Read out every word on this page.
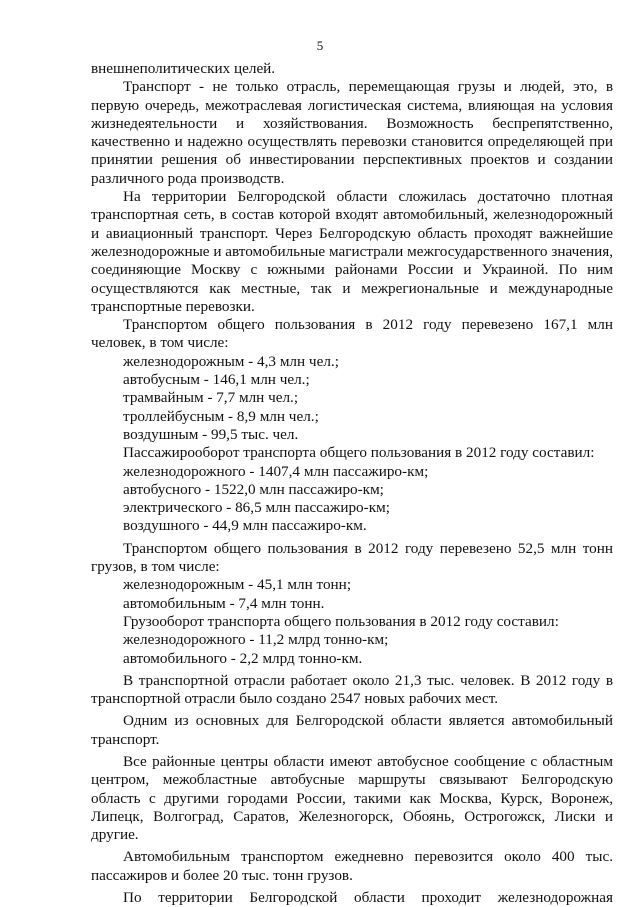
5

внешнеполитических целей.

Транспорт - не только отрасль, перемещающая грузы и людей, это, в первую очередь, межотраслевая логистическая система, влияющая на условия жизнедеятельности и хозяйствования. Возможность беспрепятственно, качественно и надежно осуществлять перевозки становится определяющей при принятии решения об инвестировании перспективных проектов и создании различного рода производств.

На территории Белгородской области сложилась достаточно плотная транспортная сеть, в состав которой входят автомобильный, железнодорожный и авиационный транспорт. Через Белгородскую область проходят важнейшие железнодорожные и автомобильные магистрали межгосударственного значения, соединяющие Москву с южными районами России и Украиной. По ним осуществляются как местные, так и межрегиональные и международные транспортные перевозки.

Транспортом общего пользования в 2012 году перевезено 167,1 млн человек, в том числе:

железнодорожным - 4,3 млн чел.;

автобусным - 146,1 млн чел.;

трамвайным - 7,7 млн чел.;

троллейбусным - 8,9 млн чел.;

воздушным - 99,5 тыс. чел.

Пассажирооборот транспорта общего пользования в 2012 году составил:

железнодорожного - 1407,4 млн пассажиро-км;

автобусного - 1522,0 млн пассажиро-км;

электрического - 86,5 млн пассажиро-км;

воздушного - 44,9 млн пассажиро-км.

Транспортом общего пользования в 2012 году перевезено 52,5 млн тонн грузов, в том числе:

железнодорожным - 45,1 млн тонн;

автомобильным - 7,4 млн тонн.

Грузооборот транспорта общего пользования в 2012 году составил:

железнодорожного - 11,2 млрд тонно-км;

автомобильного - 2,2 млрд тонно-км.

В транспортной отрасли работает около 21,3 тыс. человек. В 2012 году в транспортной отрасли было создано 2547 новых рабочих мест.

Одним из основных для Белгородской области является автомобильный транспорт.

Все районные центры области имеют автобусное сообщение с областным центром, межобластные автобусные маршруты связывают Белгородскую область с другими городами России, такими как Москва, Курск, Воронеж, Липецк, Волгоград, Саратов, Железногорск, Обоянь, Острогожск, Лиски и другие.

Автомобильным транспортом ежедневно перевозится около 400 тыс. пассажиров и более 20 тыс. тонн грузов.

По территории Белгородской области проходит железнодорожная
